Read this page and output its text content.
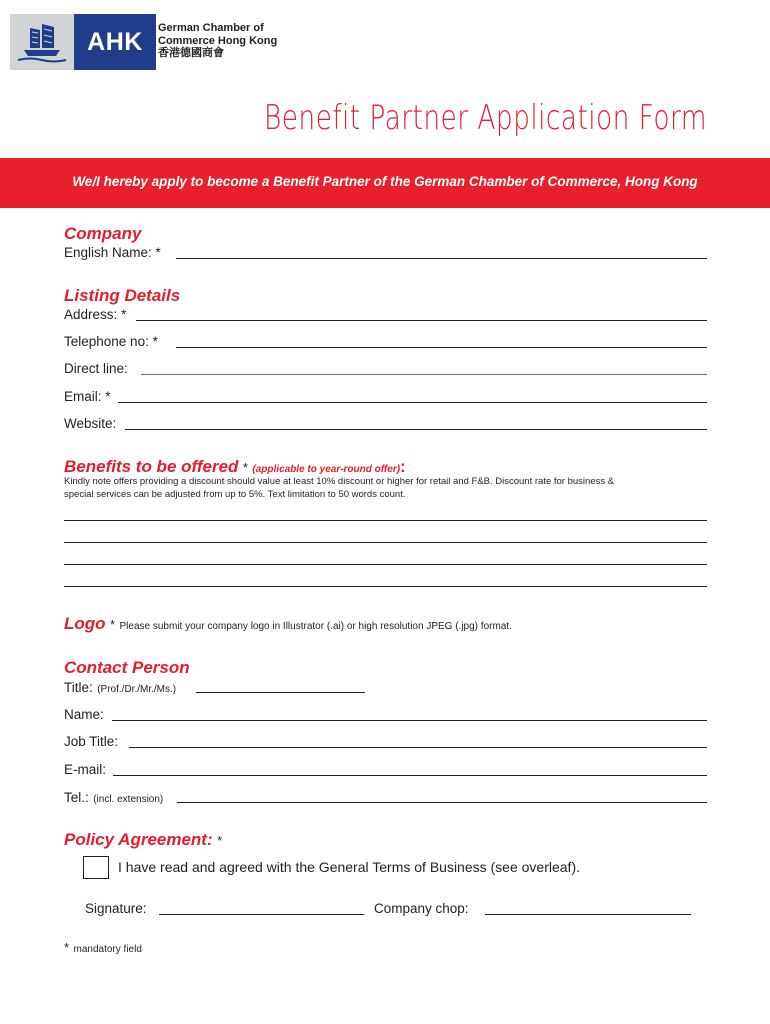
AHK	German Chamber of
Commerce Hong Kong
香港德國商會
Benefit Partner Application Form
We/I hereby apply to become a Benefit Partner of the German Chamber of Commerce, Hong Kong
Company
English Name: *
Listing Details
Address: *
Telephone no: *
Direct line:
Email: *
Website:
Benefits to be offered * (applicable to year-round offer):
Kindly note offers providing a discount should value at least 10% discount or higher for retail and F&B. Discount rate for business &
special services can be adjusted from up to 5%. Text limitation to 50 words count.
Logo * Please submit your company logo in Illustrator (.ai) or high resolution JPEG (.jpg) format.
Contact Person
Title: (Prof./Dr./Mr./Ms.)
Name:
Job Title:
E-mail:
Tel.: (incl. extension)
Policy Agreement: *
I have read and agreed with the General Terms of Business (see overleaf).
Signature:	Company chop:
* mandatory field
